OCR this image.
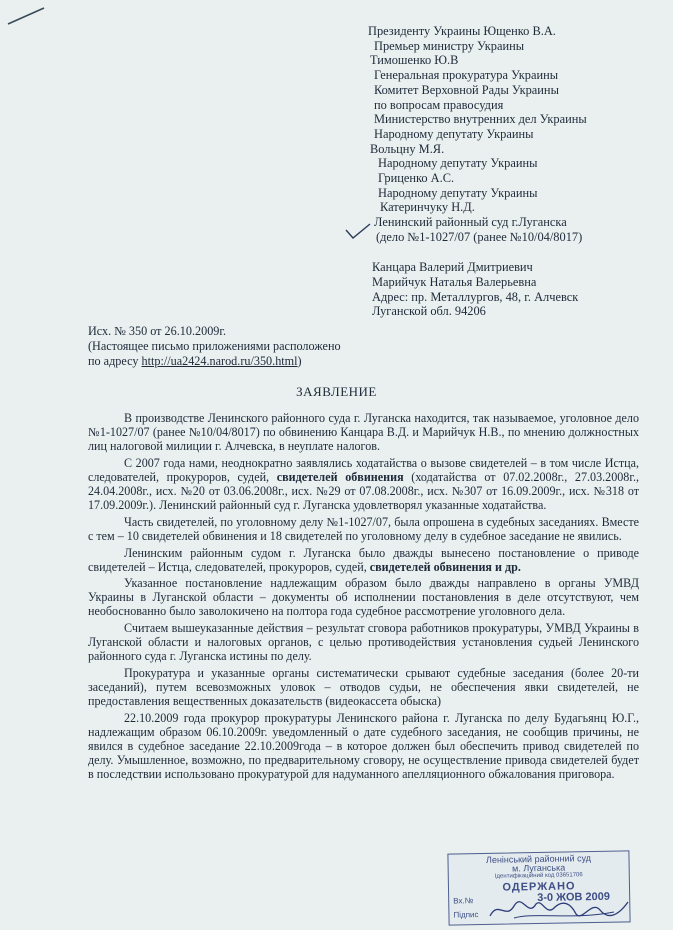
Президенту Украины Ющенко В.А.
Премьер министру Украины
Тимошенко Ю.В
Генеральная прокуратура Украины
Комитет Верховной Рады Украины
по вопросам правосудия
Министерство внутренних дел Украины
Народному депутату Украины
Вольцну М.Я.
Народному депутату Украины
Гриценко А.С.
Народному депутату Украины
Катеринчуку Н.Д.
Ленинский районный суд г.Луганска
(дело №1-1027/07 (ранее №10/04/8017)
Канцара Валерий Дмитриевич
Марийчук Наталья Валерьевна
Адрес: пр. Металлургов, 48, г. Алчевск
Луганской обл. 94206
Исх. № 350 от 26.10.2009г.
(Настоящее письмо приложениями расположено
по адресу http://ua2424.narod.ru/350.html)
ЗАЯВЛЕНИЕ

В производстве Ленинского районного суда г. Луганска находится, так называемое, уголовное дело №1-1027/07 (ранее №10/04/8017) по обвинению Канцара В.Д. и Марийчук Н.В., по мнению должностных лиц налоговой милиции г. Алчевска, в неуплате налогов.

С 2007 года нами, неоднократно заявлялись ходатайства о вызове свидетелей – в том числе Истца, следователей, прокуроров, судей, свидетелей обвинения (ходатайства от 07.02.2008г., 27.03.2008г., 24.04.2008г., исх. №20 от 03.06.2008г., исх. №29 от 07.08.2008г., исх. №307 от 16.09.2009г., исх. №318 от 17.09.2009г.). Ленинский районный суд г. Луганска удовлетворял указанные ходатайства.

Часть свидетелей, по уголовному делу №1-1027/07, была опрошена в судебных заседаниях. Вместе с тем – 10 свидетелей обвинения и 18 свидетелей по уголовному делу в судебное заседание не явились.

Ленинским районным судом г. Луганска было дважды вынесено постановление о приводе свидетелей – Истца, следователей, прокуроров, судей, свидетелей обвинения и др.

Указанное постановление надлежащим образом было дважды направлено в органы УМВД Украины в Луганской области – документы об исполнении постановления в деле отсутствуют, чем необоснованно было заволокичено на полтора года судебное рассмотрение уголовного дела.

Считаем вышеуказанные действия – результат сговора работников прокуратуры, УМВД Украины в Луганской области и налоговых органов, с целью противодействия установления судьей Ленинского районного суда г. Луганска истины по делу.

Прокуратура и указанные органы систематически срывают судебные заседания (более 20-ти заседаний), путем всевозможных уловок – отводов судьи, не обеспечения явки свидетелей, не предоставления вещественных доказательств (видеокассета обыска)

22.10.2009 года прокурор прокуратуры Ленинского района г. Луганска по делу Будагьянц Ю.Г., надлежащим образом 06.10.2009г. уведомленный о дате судебного заседания, не сообщив причины, не явился в судебное заседание 22.10.2009года – в которое должен был обеспечить привод свидетелей по делу. Умышленное, возможно, по предварительному сговору, не осуществление привода свидетелей будет в последствии использовано прокуратурой для надуманного апелляционного обжалования приговора.

Ленінський районний суд
м. Луганська
Ідентифікаційний код 03651706
ОДЕРЖАНО
Вх.№	3-0 ЖОВ 2009
Підпис
